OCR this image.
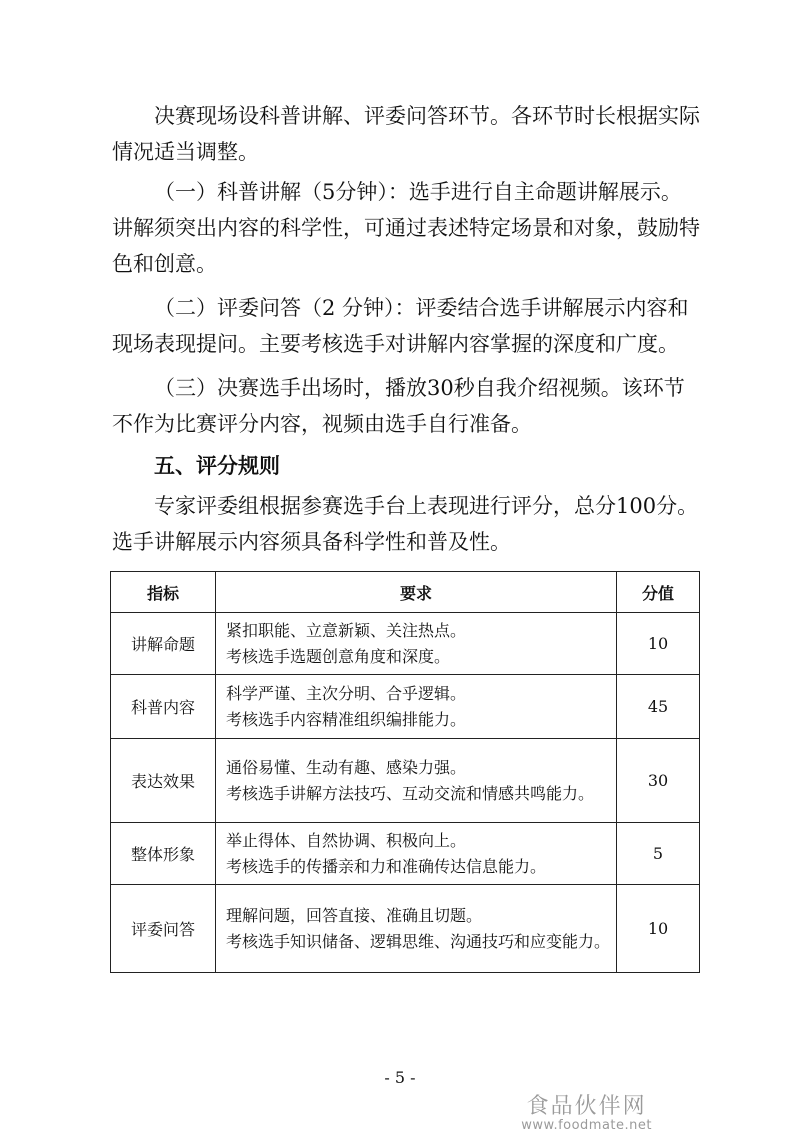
决赛现场设科普讲解、评委问答环节。各环节时长根据实际情况适当调整。

（一）科普讲解（5分钟）：选手进行自主命题讲解展示。讲解须突出内容的科学性，可通过表述特定场景和对象，鼓励特色和创意。

（二）评委问答（2 分钟）：评委结合选手讲解展示内容和现场表现提问。主要考核选手对讲解内容掌握的深度和广度。

（三）决赛选手出场时，播放30秒自我介绍视频。该环节不作为比赛评分内容，视频由选手自行准备。

五、评分规则

专家评委组根据参赛选手台上表现进行评分，总分100分。选手讲解展示内容须具备科学性和普及性。

指标	要求	分值
讲解命题	紧扣职能、立意新颖、关注热点。
考核选手选题创意角度和深度。	10
科普内容	科学严谨、主次分明、合乎逻辑。
考核选手内容精准组织编排能力。	45
表达效果	通俗易懂、生动有趣、感染力强。
考核选手讲解方法技巧、互动交流和情感共鸣能力。	30
整体形象	举止得体、自然协调、积极向上。
考核选手的传播亲和力和准确传达信息能力。	5
评委问答	理解问题，回答直接、准确且切题。
考核选手知识储备、逻辑思维、沟通技巧和应变能力。	10
- 5 -
食品伙伴网
www.foodmate.net
